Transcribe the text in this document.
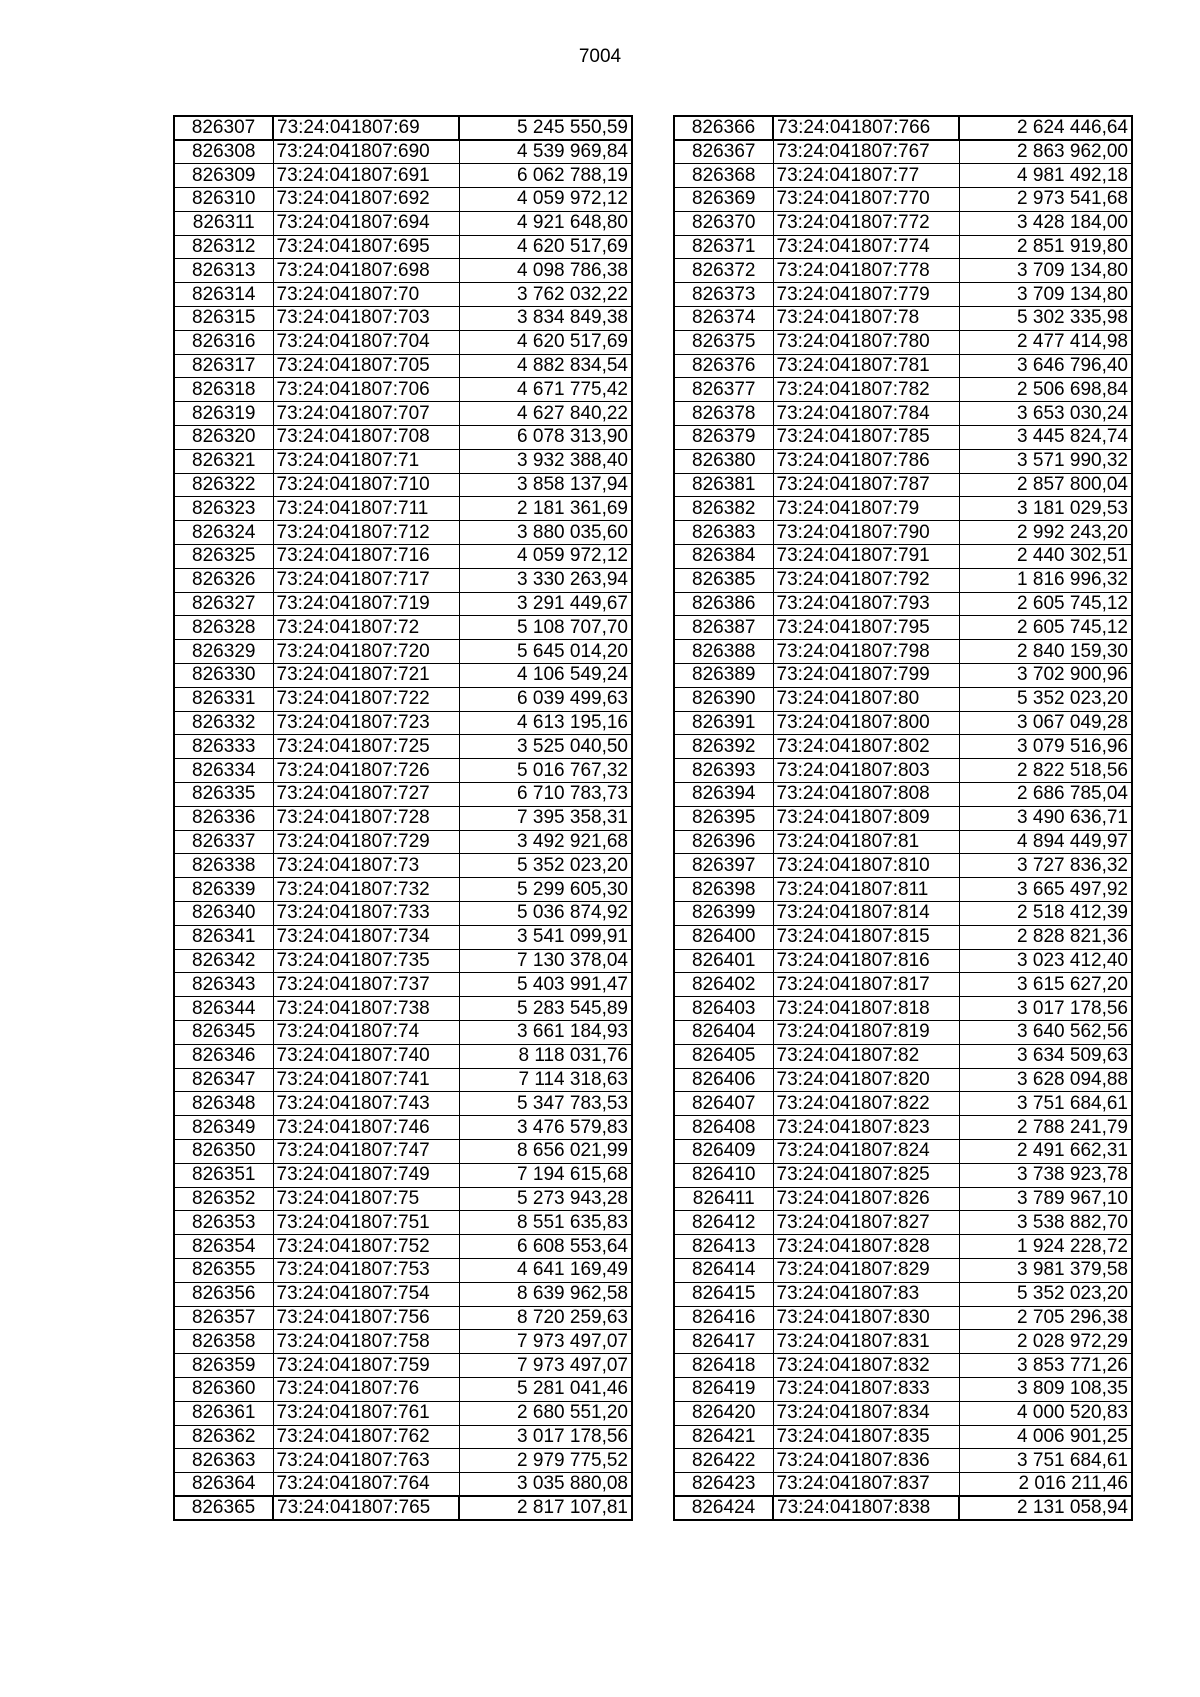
7004
826307	73:24:041807:69	5 245 550,59
826308	73:24:041807:690	4 539 969,84
826309	73:24:041807:691	6 062 788,19
826310	73:24:041807:692	4 059 972,12
826311	73:24:041807:694	4 921 648,80
826312	73:24:041807:695	4 620 517,69
826313	73:24:041807:698	4 098 786,38
826314	73:24:041807:70	3 762 032,22
826315	73:24:041807:703	3 834 849,38
826316	73:24:041807:704	4 620 517,69
826317	73:24:041807:705	4 882 834,54
826318	73:24:041807:706	4 671 775,42
826319	73:24:041807:707	4 627 840,22
826320	73:24:041807:708	6 078 313,90
826321	73:24:041807:71	3 932 388,40
826322	73:24:041807:710	3 858 137,94
826323	73:24:041807:711	2 181 361,69
826324	73:24:041807:712	3 880 035,60
826325	73:24:041807:716	4 059 972,12
826326	73:24:041807:717	3 330 263,94
826327	73:24:041807:719	3 291 449,67
826328	73:24:041807:72	5 108 707,70
826329	73:24:041807:720	5 645 014,20
826330	73:24:041807:721	4 106 549,24
826331	73:24:041807:722	6 039 499,63
826332	73:24:041807:723	4 613 195,16
826333	73:24:041807:725	3 525 040,50
826334	73:24:041807:726	5 016 767,32
826335	73:24:041807:727	6 710 783,73
826336	73:24:041807:728	7 395 358,31
826337	73:24:041807:729	3 492 921,68
826338	73:24:041807:73	5 352 023,20
826339	73:24:041807:732	5 299 605,30
826340	73:24:041807:733	5 036 874,92
826341	73:24:041807:734	3 541 099,91
826342	73:24:041807:735	7 130 378,04
826343	73:24:041807:737	5 403 991,47
826344	73:24:041807:738	5 283 545,89
826345	73:24:041807:74	3 661 184,93
826346	73:24:041807:740	8 118 031,76
826347	73:24:041807:741	7 114 318,63
826348	73:24:041807:743	5 347 783,53
826349	73:24:041807:746	3 476 579,83
826350	73:24:041807:747	8 656 021,99
826351	73:24:041807:749	7 194 615,68
826352	73:24:041807:75	5 273 943,28
826353	73:24:041807:751	8 551 635,83
826354	73:24:041807:752	6 608 553,64
826355	73:24:041807:753	4 641 169,49
826356	73:24:041807:754	8 639 962,58
826357	73:24:041807:756	8 720 259,63
826358	73:24:041807:758	7 973 497,07
826359	73:24:041807:759	7 973 497,07
826360	73:24:041807:76	5 281 041,46
826361	73:24:041807:761	2 680 551,20
826362	73:24:041807:762	3 017 178,56
826363	73:24:041807:763	2 979 775,52
826364	73:24:041807:764	3 035 880,08
826365	73:24:041807:765	2 817 107,81
826366	73:24:041807:766	2 624 446,64
826367	73:24:041807:767	2 863 962,00
826368	73:24:041807:77	4 981 492,18
826369	73:24:041807:770	2 973 541,68
826370	73:24:041807:772	3 428 184,00
826371	73:24:041807:774	2 851 919,80
826372	73:24:041807:778	3 709 134,80
826373	73:24:041807:779	3 709 134,80
826374	73:24:041807:78	5 302 335,98
826375	73:24:041807:780	2 477 414,98
826376	73:24:041807:781	3 646 796,40
826377	73:24:041807:782	2 506 698,84
826378	73:24:041807:784	3 653 030,24
826379	73:24:041807:785	3 445 824,74
826380	73:24:041807:786	3 571 990,32
826381	73:24:041807:787	2 857 800,04
826382	73:24:041807:79	3 181 029,53
826383	73:24:041807:790	2 992 243,20
826384	73:24:041807:791	2 440 302,51
826385	73:24:041807:792	1 816 996,32
826386	73:24:041807:793	2 605 745,12
826387	73:24:041807:795	2 605 745,12
826388	73:24:041807:798	2 840 159,30
826389	73:24:041807:799	3 702 900,96
826390	73:24:041807:80	5 352 023,20
826391	73:24:041807:800	3 067 049,28
826392	73:24:041807:802	3 079 516,96
826393	73:24:041807:803	2 822 518,56
826394	73:24:041807:808	2 686 785,04
826395	73:24:041807:809	3 490 636,71
826396	73:24:041807:81	4 894 449,97
826397	73:24:041807:810	3 727 836,32
826398	73:24:041807:811	3 665 497,92
826399	73:24:041807:814	2 518 412,39
826400	73:24:041807:815	2 828 821,36
826401	73:24:041807:816	3 023 412,40
826402	73:24:041807:817	3 615 627,20
826403	73:24:041807:818	3 017 178,56
826404	73:24:041807:819	3 640 562,56
826405	73:24:041807:82	3 634 509,63
826406	73:24:041807:820	3 628 094,88
826407	73:24:041807:822	3 751 684,61
826408	73:24:041807:823	2 788 241,79
826409	73:24:041807:824	2 491 662,31
826410	73:24:041807:825	3 738 923,78
826411	73:24:041807:826	3 789 967,10
826412	73:24:041807:827	3 538 882,70
826413	73:24:041807:828	1 924 228,72
826414	73:24:041807:829	3 981 379,58
826415	73:24:041807:83	5 352 023,20
826416	73:24:041807:830	2 705 296,38
826417	73:24:041807:831	2 028 972,29
826418	73:24:041807:832	3 853 771,26
826419	73:24:041807:833	3 809 108,35
826420	73:24:041807:834	4 000 520,83
826421	73:24:041807:835	4 006 901,25
826422	73:24:041807:836	3 751 684,61
826423	73:24:041807:837	2 016 211,46
826424	73:24:041807:838	2 131 058,94
